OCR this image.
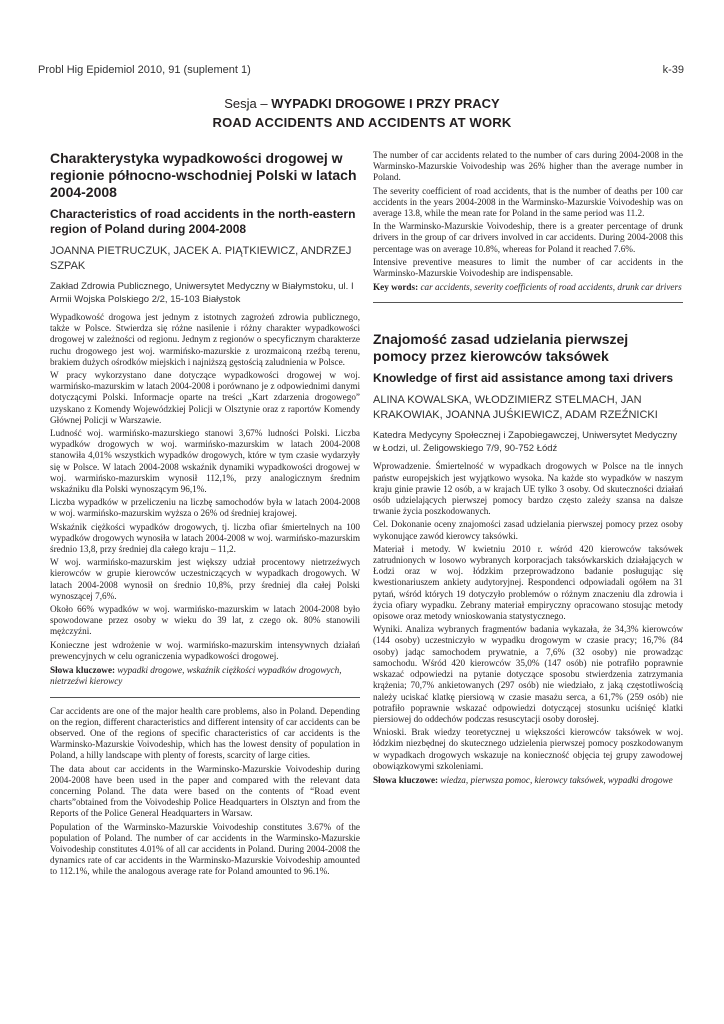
Probl Hig Epidemiol 2010, 91 (suplement 1)	k-39
Sesja – WYPADKI DROGOWE I PRZY PRACY
ROAD ACCIDENTS AND ACCIDENTS AT WORK
Charakterystyka wypadkowości drogowej w regionie północno-wschodniej Polski w latach 2004-2008
Characteristics of road accidents in the north-eastern region of Poland during 2004-2008
JOANNA PIETRUCZUK, JACEK A. PIĄTKIEWICZ, ANDRZEJ SZPAK
Zakład Zdrowia Publicznego, Uniwersytet Medyczny w Białymstoku, ul. I Armii Wojska Polskiego 2/2, 15-103 Białystok

Wypadkowość drogowa jest jednym z istotnych zagrożeń zdrowia publicznego, także w Polsce. Stwierdza się różne nasilenie i różny charakter wypadkowości drogowej w zależności od regionu. Jednym z regionów o specyficznym charakterze ruchu drogowego jest woj. warmińsko-mazurskie z urozmaiconą rzeźbą terenu, brakiem dużych ośrodków miejskich i najniższą gęstością zaludnienia w Polsce.

W pracy wykorzystano dane dotyczące wypadkowości drogowej w woj. warmińsko-mazurskim w latach 2004-2008 i porównano je z odpowiednimi danymi dotyczącymi Polski. Informacje oparte na treści „Kart zdarzenia drogowego” uzyskano z Komendy Wojewódzkiej Policji w Olsztynie oraz z raportów Komendy Głównej Policji w Warszawie.

Ludność woj. warmińsko-mazurskiego stanowi 3,67% ludności Polski. Liczba wypadków drogowych w woj. warmińsko-mazurskim w latach 2004-2008 stanowiła 4,01% wszystkich wypadków drogowych, które w tym czasie wydarzyły się w Polsce. W latach 2004-2008 wskaźnik dynamiki wypadkowości drogowej w woj. warmińsko-mazurskim wynosił 112,1%, przy analogicznym średnim wskaźniku dla Polski wynoszącym 96,1%.

Liczba wypadków w przeliczeniu na liczbę samochodów była w latach 2004-2008 w woj. warmińsko-mazurskim wyższa o 26% od średniej krajowej.

Wskaźnik ciężkości wypadków drogowych, tj. liczba ofiar śmiertelnych na 100 wypadków drogowych wynosiła w latach 2004-2008 w woj. warmińsko-mazurskim średnio 13,8, przy średniej dla całego kraju – 11,2.

W woj. warmińsko-mazurskim jest większy udział procentowy nietrzeźwych kierowców w grupie kierowców uczestniczących w wypadkach drogowych. W latach 2004-2008 wynosił on średnio 10,8%, przy średniej dla całej Polski wynoszącej 7,6%.

Około 66% wypadków w woj. warmińsko-mazurskim w latach 2004-2008 było spowodowane przez osoby w wieku do 39 lat, z czego ok. 80% stanowili mężczyźni.

Konieczne jest wdrożenie w woj. warmińsko-mazurskim intensywnych działań prewencyjnych w celu ograniczenia wypadkowości drogowej.

Słowa kluczowe: wypadki drogowe, wskaźnik ciężkości wypadków drogowych, nietrzeźwi kierowcy

Car accidents are one of the major health care problems, also in Poland. Depending on the region, different characteristics and different intensity of car accidents can be observed. One of the regions of specific characteristics of car accidents is the Warminsko-Mazurskie Voivodeship, which has the lowest density of population in Poland, a hilly landscape with plenty of forests, scarcity of large cities.

The data about car accidents in the Warminsko-Mazurskie Voivodeship during 2004-2008 have been used in the paper and compared with the relevant data concerning Poland. The data were based on the contents of “Road event charts”obtained from the Voivodeship Police Headquarters in Olsztyn and from the Reports of the Police General Headquarters in Warsaw.

Population of the Warminsko-Mazurskie Voivodeship constitutes 3.67% of the population of Poland. The number of car accidents in the Warminsko-Mazurskie Voivodeship constitutes 4.01% of all car accidents in Poland. During 2004-2008 the dynamics rate of car accidents in the Warminsko-Mazurskie Voivodeship amounted to 112.1%, while the analogous average rate for Poland amounted to 96.1%.

The number of car accidents related to the number of cars during 2004-2008 in the Warminsko-Mazurskie Voivodeship was 26% higher than the average number in Poland.

The severity coefficient of road accidents, that is the number of deaths per 100 car accidents in the years 2004-2008 in the Warminsko-Mazurskie Voivodeship was on average 13.8, while the mean rate for Poland in the same period was 11.2.

In the Warminsko-Mazurskie Voivodeship, there is a greater percentage of drunk drivers in the group of car drivers involved in car accidents. During 2004-2008 this percentage was on average 10.8%, whereas for Poland it reached 7.6%.

Intensive preventive measures to limit the number of car accidents in the Warminsko-Mazurskie Voivodeship are indispensable.

Key words: car accidents, severity coefficients of road accidents, drunk car drivers
Znajomość zasad udzielania pierwszej pomocy przez kierowców taksówek
Knowledge of first aid assistance among taxi drivers
ALINA KOWALSKA, WŁODZIMIERZ STELMACH, JAN KRAKOWIAK, JOANNA JUŚKIEWICZ, ADAM RZEŹNICKI
Katedra Medycyny Społecznej i Zapobiegawczej, Uniwersytet Medyczny w Łodzi, ul. Żeligowskiego 7/9, 90-752 Łódź

Wprowadzenie. Śmiertelność w wypadkach drogowych w Polsce na tle innych państw europejskich jest wyjątkowo wysoka. Na każde sto wypadków w naszym kraju ginie prawie 12 osób, a w krajach UE tylko 3 osoby. Od skuteczności działań osób udzielających pierwszej pomocy bardzo często zależy szansa na dalsze trwanie życia poszkodowanych.

Cel. Dokonanie oceny znajomości zasad udzielania pierwszej pomocy przez osoby wykonujące zawód kierowcy taksówki.

Materiał i metody. W kwietniu 2010 r. wśród 420 kierowców taksówek zatrudnionych w losowo wybranych korporacjach taksówkarskich działających w Łodzi oraz w woj. łódzkim przeprowadzono badanie posługując się kwestionariuszem ankiety audytoryjnej. Respondenci odpowiadali ogółem na 31 pytań, wśród których 19 dotyczyło problemów o różnym znaczeniu dla zdrowia i życia ofiary wypadku. Zebrany materiał empiryczny opracowano stosując metody opisowe oraz metody wnioskowania statystycznego.

Wyniki. Analiza wybranych fragmentów badania wykazała, że 34,3% kierowców (144 osoby) uczestniczyło w wypadku drogowym w czasie pracy; 16,7% (84 osoby) jadąc samochodem prywatnie, a 7,6% (32 osoby) nie prowadząc samochodu. Wśród 420 kierowców 35,0% (147 osób) nie potrafiło poprawnie wskazać odpowiedzi na pytanie dotyczące sposobu stwierdzenia zatrzymania krążenia; 70,7% ankietowanych (297 osób) nie wiedziało, z jaką częstotliwością należy uciskać klatkę piersiową w czasie masażu serca, a 61,7% (259 osób) nie potrafiło poprawnie wskazać odpowiedzi dotyczącej stosunku uciśnięć klatki piersiowej do oddechów podczas resuscytacji osoby dorosłej.

Wnioski. Brak wiedzy teoretycznej u większości kierowców taksówek w woj. łódzkim niezbędnej do skutecznego udzielenia pierwszej pomocy poszkodowanym w wypadkach drogowych wskazuje na konieczność objęcia tej grupy zawodowej obowiązkowymi szkoleniami.

Słowa kluczowe: wiedza, pierwsza pomoc, kierowcy taksówek, wypadki drogowe
